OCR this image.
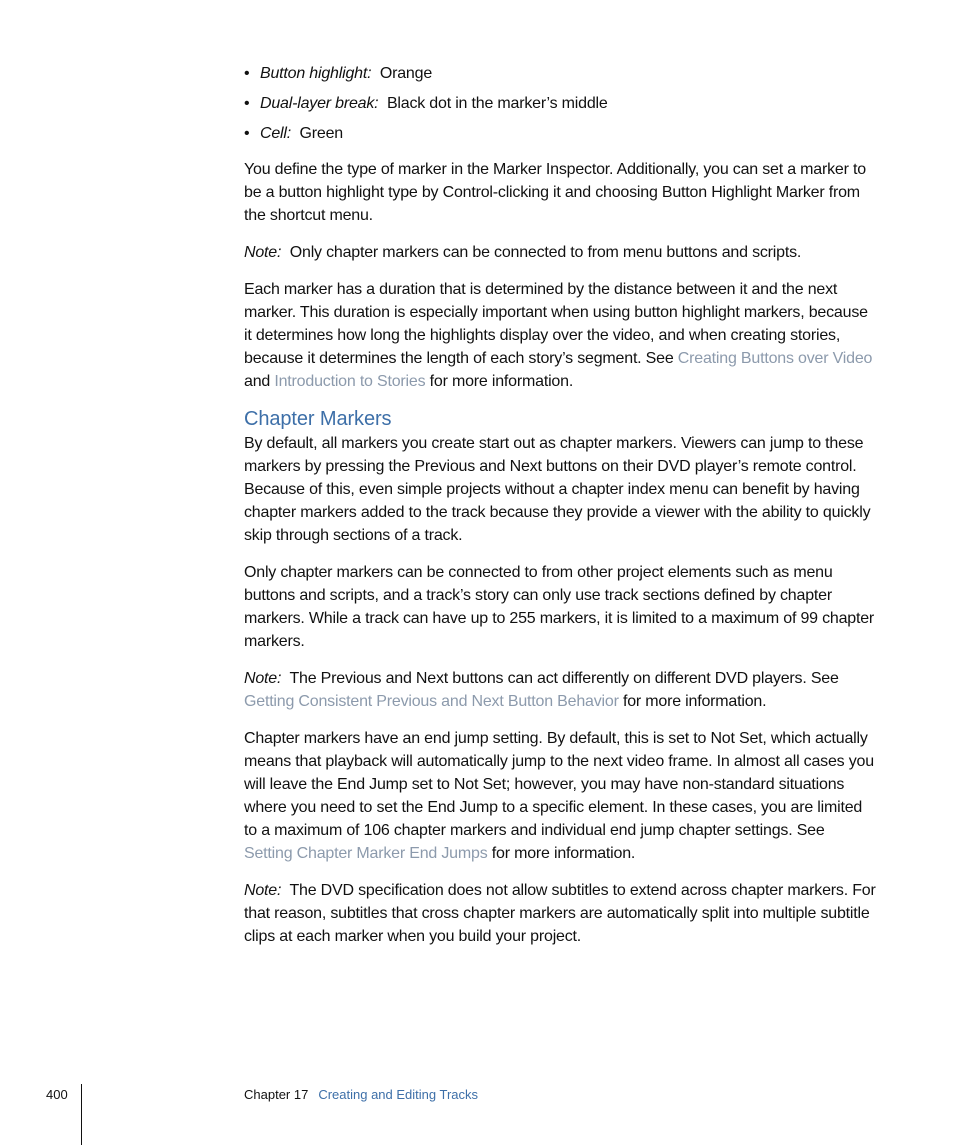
• Button highlight: Orange
• Dual-layer break: Black dot in the marker’s middle
• Cell: Green

You define the type of marker in the Marker Inspector. Additionally, you can set a marker to be a button highlight type by Control-clicking it and choosing Button Highlight Marker from the shortcut menu.

Note: Only chapter markers can be connected to from menu buttons and scripts.

Each marker has a duration that is determined by the distance between it and the next marker. This duration is especially important when using button highlight markers, because it determines how long the highlights display over the video, and when creating stories, because it determines the length of each story’s segment. See Creating Buttons over Video and Introduction to Stories for more information.

Chapter Markers

By default, all markers you create start out as chapter markers. Viewers can jump to these markers by pressing the Previous and Next buttons on their DVD player’s remote control. Because of this, even simple projects without a chapter index menu can benefit by having chapter markers added to the track because they provide a viewer with the ability to quickly skip through sections of a track.

Only chapter markers can be connected to from other project elements such as menu buttons and scripts, and a track’s story can only use track sections defined by chapter markers. While a track can have up to 255 markers, it is limited to a maximum of 99 chapter markers.

Note: The Previous and Next buttons can act differently on different DVD players. See Getting Consistent Previous and Next Button Behavior for more information.

Chapter markers have an end jump setting. By default, this is set to Not Set, which actually means that playback will automatically jump to the next video frame. In almost all cases you will leave the End Jump set to Not Set; however, you may have non-standard situations where you need to set the End Jump to a specific element. In these cases, you are limited to a maximum of 106 chapter markers and individual end jump chapter settings. See Setting Chapter Marker End Jumps for more information.

Note: The DVD specification does not allow subtitles to extend across chapter markers. For that reason, subtitles that cross chapter markers are automatically split into multiple subtitle clips at each marker when you build your project.

400	Chapter 17 Creating and Editing Tracks
